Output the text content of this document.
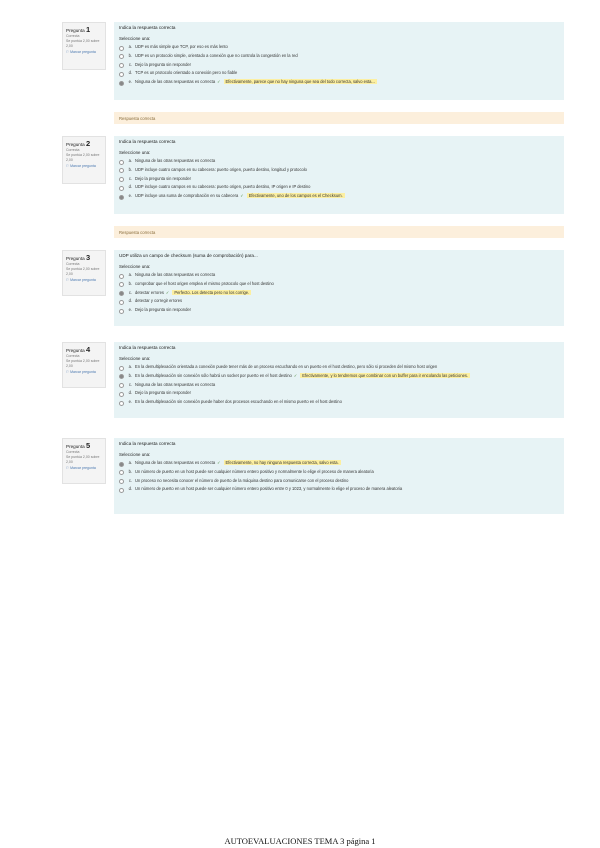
Pregunta 1
Correcta
Se puntúa 2,00 sobre 2,00
⚐ Marcar pregunta
Indica la respuesta correcta
Seleccione una:
a. UDP es más simple que TCP, por eso es más lento
b. UDP es un protocolo simple, orientado a conexión que no controla la congestión en la red
c. Dejo la pregunta sin responder
d. TCP es un protocolo orientado a conexión pero no fiable
e. Ninguna de las otras respuestas es correcta ✓ Efectivamente, parece que no hay ninguna que sea del todo correcta, salvo esta...
Respuesta correcta
Pregunta 2
Correcta
Se puntúa 2,00 sobre 2,00
⚐ Marcar pregunta
Indica la respuesta correcta
Seleccione una:
a. Ninguna de las otras respuestas es correcta
b. UDP incluye cuatro campos en su cabecera: puerto origen, puerto destino, longitud y protocolo
c. Dejo la pregunta sin responder
d. UDP incluye cuatro campos en su cabecera: puerto origen, puerto destino, IP origen e IP destino
e. UDP incluye una suma de comprobación en su cabecera ✓ Efectivamente, uno de los campos es el Checksum.
Respuesta correcta
Pregunta 3
Correcta
Se puntúa 2,00 sobre 2,00
⚐ Marcar pregunta
UDP utiliza un campo de checksum (suma de comprobación) para...
Seleccione una:
a. Ninguna de las otras respuestas es correcta
b. comprobar que el host origen emplea el mismo protocolo que el host destino
c. detectar errores ✓ Perfecto. Los detecta pero no los corrige.
d. detectar y corregir errores
e. Dejo la pregunta sin responder
Pregunta 4
Correcta
Se puntúa 2,00 sobre 2,00
⚐ Marcar pregunta
Indica la respuesta correcta
Seleccione una:
a. En la demultiplexación orientada a conexión puede tener más de un proceso escuchando en un puerto en el host destino, pero sólo si proceden del mismo host origen
b. En la demultiplexación sin conexión sólo habrá un socket por puerto en el host destino ✓ Efectivamente, y lo tendremos que combinar con un buffer para ir encolando las peticiones.
c. Ninguna de las otras respuestas es correcta
d. Dejo la pregunta sin responder
e. En la demultiplexación sin conexión puede haber dos procesos escuchando en el mismo puerto en el host destino
Pregunta 5
Correcta
Se puntúa 2,00 sobre 2,00
⚐ Marcar pregunta
Indica la respuesta correcta
Seleccione una:
a. Ninguna de las otras respuestas es correcta ✓ Efectivamente, no hay ninguna respuesta correcta, salvo esta.
b. Un número de puerto en un host puede ser cualquier número entero positivo y normalmente lo elige el proceso de manera aleatoria
c. Un proceso no necesita conocer el número de puerto de la máquina destino para comunicarse con el proceso destino
d. Un número de puerto en un host puede ser cualquier número entero positivo entre 0 y 1023, y normalmente lo elige el proceso de manera aleatoria
AUTOEVALUACIONES TEMA 3 página 1
